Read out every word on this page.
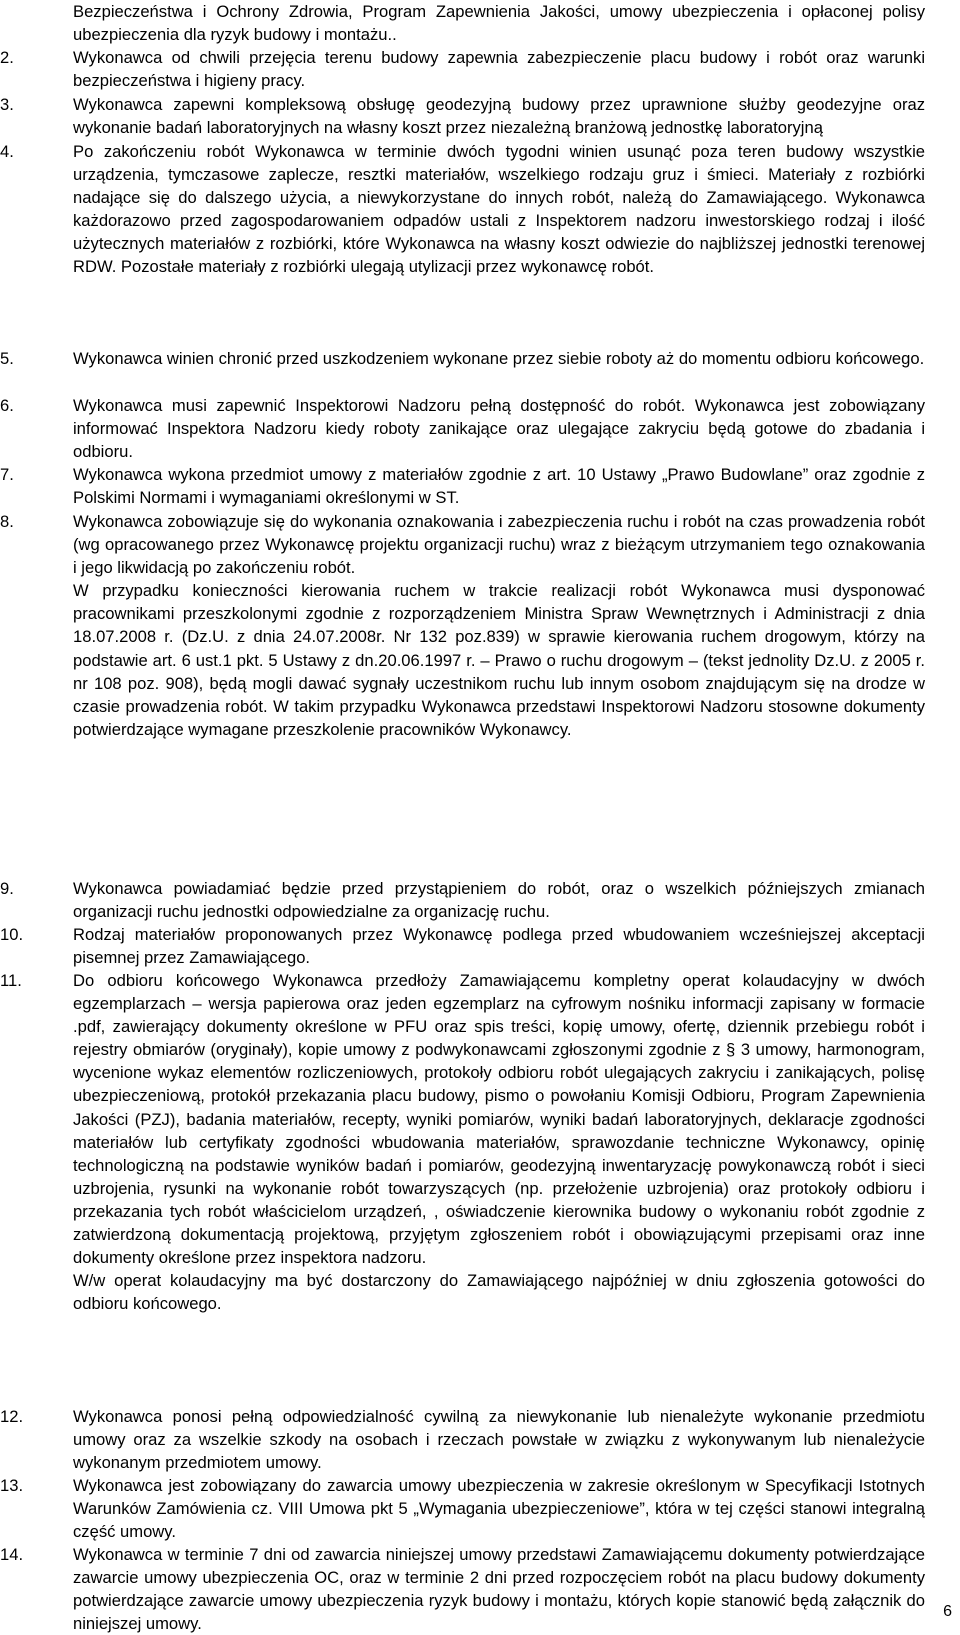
Bezpieczeństwa i Ochrony Zdrowia, Program Zapewnienia Jakości, umowy ubezpieczenia i opłaconej polisy ubezpieczenia dla ryzyk budowy i montażu..

2.	Wykonawca od chwili przejęcia terenu budowy zapewnia zabezpieczenie placu budowy i robót oraz warunki bezpieczeństwa i higieny pracy.

3.	Wykonawca zapewni kompleksową obsługę geodezyjną budowy przez uprawnione służby geodezyjne oraz wykonanie badań laboratoryjnych na własny koszt przez niezależną branżową jednostkę laboratoryjną

4.	Po zakończeniu robót Wykonawca w terminie dwóch tygodni winien usunąć poza teren budowy wszystkie urządzenia, tymczasowe zaplecze, resztki materiałów, wszelkiego rodzaju gruz i śmieci. Materiały z rozbiórki nadające się do dalszego użycia, a niewykorzystane do innych robót, należą do Zamawiającego. Wykonawca każdorazowo przed zagospodarowaniem odpadów ustali z Inspektorem nadzoru inwestorskiego rodzaj i ilość użytecznych materiałów z rozbiórki, które Wykonawca na własny koszt odwiezie do najbliższej jednostki terenowej RDW. Pozostałe materiały z rozbiórki ulegają utylizacji przez wykonawcę robót.

5.	Wykonawca winien chronić przed uszkodzeniem wykonane przez siebie roboty aż do momentu odbioru końcowego.

6.	Wykonawca musi zapewnić Inspektorowi Nadzoru pełną dostępność do robót. Wykonawca jest zobowiązany informować Inspektora Nadzoru kiedy roboty zanikające oraz ulegające zakryciu będą gotowe do zbadania i odbioru.

7.	Wykonawca wykona przedmiot umowy z materiałów zgodnie z art. 10 Ustawy „Prawo Budowlane” oraz zgodnie z Polskimi Normami i wymaganiami określonymi w ST.

8.	Wykonawca zobowiązuje się do wykonania oznakowania i zabezpieczenia ruchu i robót na czas prowadzenia robót (wg opracowanego przez Wykonawcę projektu organizacji ruchu) wraz z bieżącym utrzymaniem tego oznakowania i jego likwidacją po zakończeniu robót.

W przypadku konieczności kierowania ruchem w trakcie realizacji robót Wykonawca musi dysponować pracownikami przeszkolonymi zgodnie z rozporządzeniem Ministra Spraw Wewnętrznych i Administracji z dnia 18.07.2008 r. (Dz.U. z dnia 24.07.2008r. Nr 132 poz.839) w sprawie kierowania ruchem drogowym, którzy na podstawie art. 6 ust.1 pkt. 5 Ustawy z dn.20.06.1997 r. – Prawo o ruchu drogowym – (tekst jednolity Dz.U. z 2005 r. nr 108 poz. 908), będą mogli dawać sygnały uczestnikom ruchu lub innym osobom znajdującym się na drodze w czasie prowadzenia robót. W takim przypadku Wykonawca przedstawi Inspektorowi Nadzoru stosowne dokumenty potwierdzające wymagane przeszkolenie pracowników Wykonawcy.

9.	Wykonawca powiadamiać będzie przed przystąpieniem do robót, oraz o wszelkich późniejszych zmianach organizacji ruchu jednostki odpowiedzialne za organizację ruchu.

10.	Rodzaj materiałów proponowanych przez Wykonawcę podlega przed wbudowaniem wcześniejszej akceptacji pisemnej przez Zamawiającego.

11.	Do odbioru końcowego Wykonawca przedłoży Zamawiającemu kompletny operat kolaudacyjny w dwóch egzemplarzach – wersja papierowa oraz jeden egzemplarz na cyfrowym nośniku informacji zapisany w formacie .pdf, zawierający dokumenty określone w PFU oraz spis treści, kopię umowy, ofertę, dziennik przebiegu robót i rejestry obmiarów (oryginały), kopie umowy z podwykonawcami zgłoszonymi zgodnie z § 3 umowy, harmonogram, wycenione wykaz elementów rozliczeniowych, protokoły odbioru robót ulegających zakryciu i zanikających, polisę ubezpieczeniową, protokół przekazania placu budowy, pismo o powołaniu Komisji Odbioru, Program Zapewnienia Jakości (PZJ), badania materiałów, recepty, wyniki pomiarów, wyniki badań laboratoryjnych, deklaracje zgodności materiałów lub certyfikaty zgodności wbudowania materiałów, sprawozdanie techniczne Wykonawcy, opinię technologiczną na podstawie wyników badań i pomiarów, geodezyjną inwentaryzację powykonawczą robót i sieci uzbrojenia, rysunki na wykonanie robót towarzyszących (np. przełożenie uzbrojenia) oraz protokoły odbioru i przekazania tych robót właścicielom urządzeń, , oświadczenie kierownika budowy o wykonaniu robót zgodnie z zatwierdzoną dokumentacją projektową, przyjętym zgłoszeniem robót i obowiązującymi przepisami oraz inne dokumenty określone przez inspektora nadzoru.

W/w operat kolaudacyjny ma być dostarczony do Zamawiającego najpóźniej w dniu zgłoszenia gotowości do odbioru końcowego.

12.	Wykonawca ponosi pełną odpowiedzialność cywilną za niewykonanie lub nienależyte wykonanie przedmiotu umowy oraz za wszelkie szkody na osobach i rzeczach powstałe w związku z wykonywanym lub nienależycie wykonanym przedmiotem umowy.

13.	Wykonawca jest zobowiązany do zawarcia umowy ubezpieczenia w zakresie określonym w Specyfikacji Istotnych Warunków Zamówienia cz. VIII Umowa pkt 5 „Wymagania ubezpieczeniowe”, która w tej części stanowi integralną część umowy.

14.	Wykonawca w terminie 7 dni od zawarcia niniejszej umowy przedstawi Zamawiającemu dokumenty potwierdzające zawarcie umowy ubezpieczenia OC, oraz w terminie 2 dni przed rozpoczęciem robót na placu budowy dokumenty potwierdzające zawarcie umowy ubezpieczenia ryzyk budowy i montażu, których kopie stanowić będą załącznik do niniejszej umowy.

6
